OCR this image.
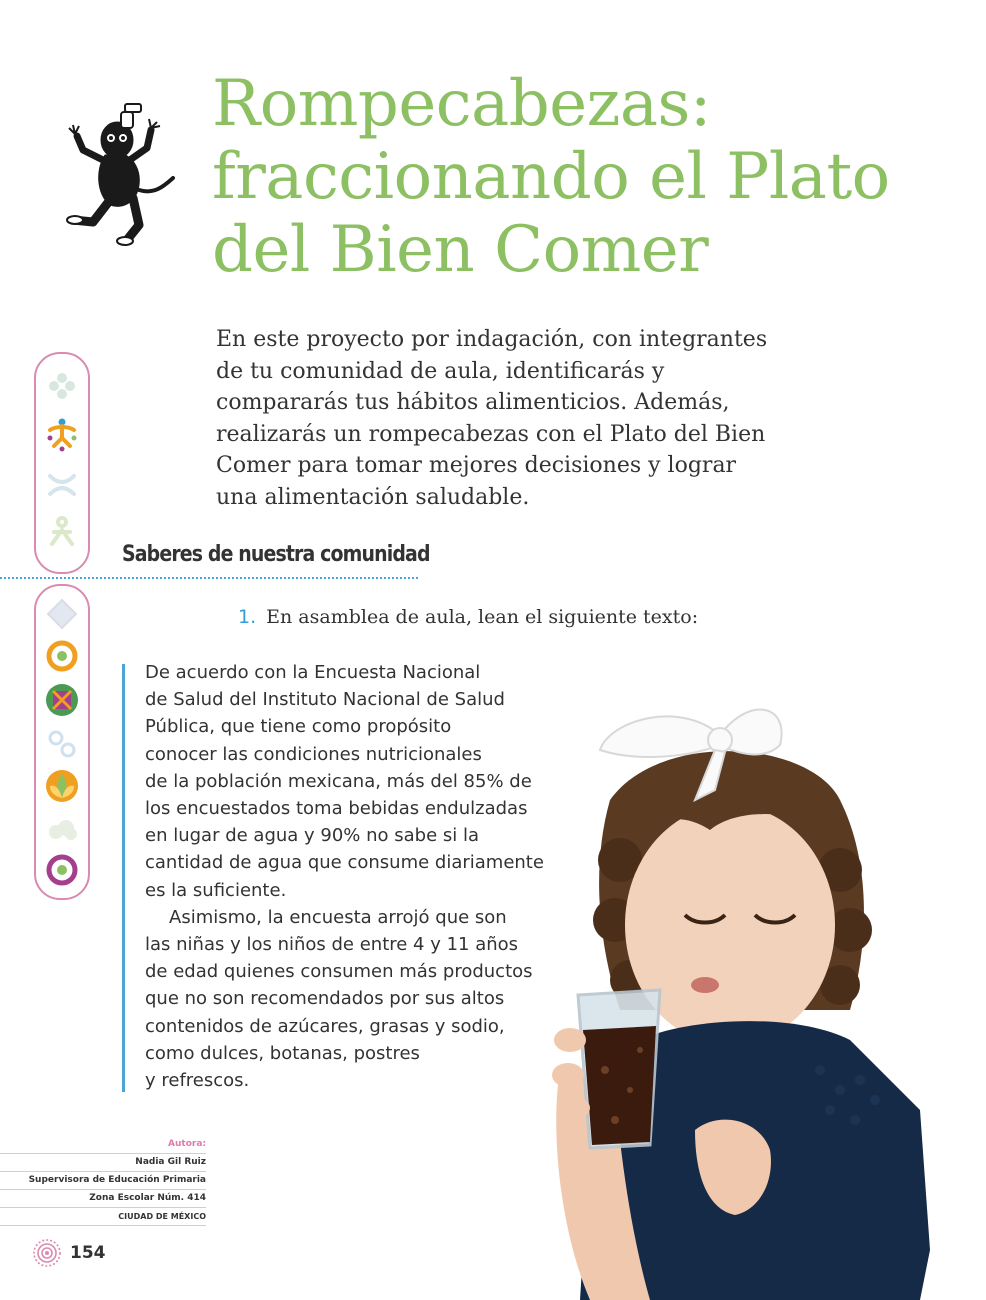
Rompecabezas:
fraccionando el Plato
del Bien Comer
En este proyecto por indagación, con integrantes
de tu comunidad de aula, identificarás y
compararás tus hábitos alimenticios. Además,
realizarás un rompecabezas con el Plato del Bien
Comer para tomar mejores decisiones y lograr
una alimentación saludable.
Saberes de nuestra comunidad
1. En asamblea de aula, lean el siguiente texto:
De acuerdo con la Encuesta Nacional
de Salud del Instituto Nacional de Salud
Pública, que tiene como propósito
conocer las condiciones nutricionales
de la población mexicana, más del 85% de
los encuestados toma bebidas endulzadas
en lugar de agua y 90% no sabe si la
cantidad de agua que consume diariamente
es la suficiente.
Asimismo, la encuesta arrojó que son
las niñas y los niños de entre 4 y 11 años
de edad quienes consumen más productos
que no son recomendados por sus altos
contenidos de azúcares, grasas y sodio,
como dulces, botanas, postres
y refrescos.
Autora:
Nadia Gil Ruiz
Supervisora de Educación Primaria
Zona Escolar Núm. 414
CIUDAD DE MÉXICO
154
